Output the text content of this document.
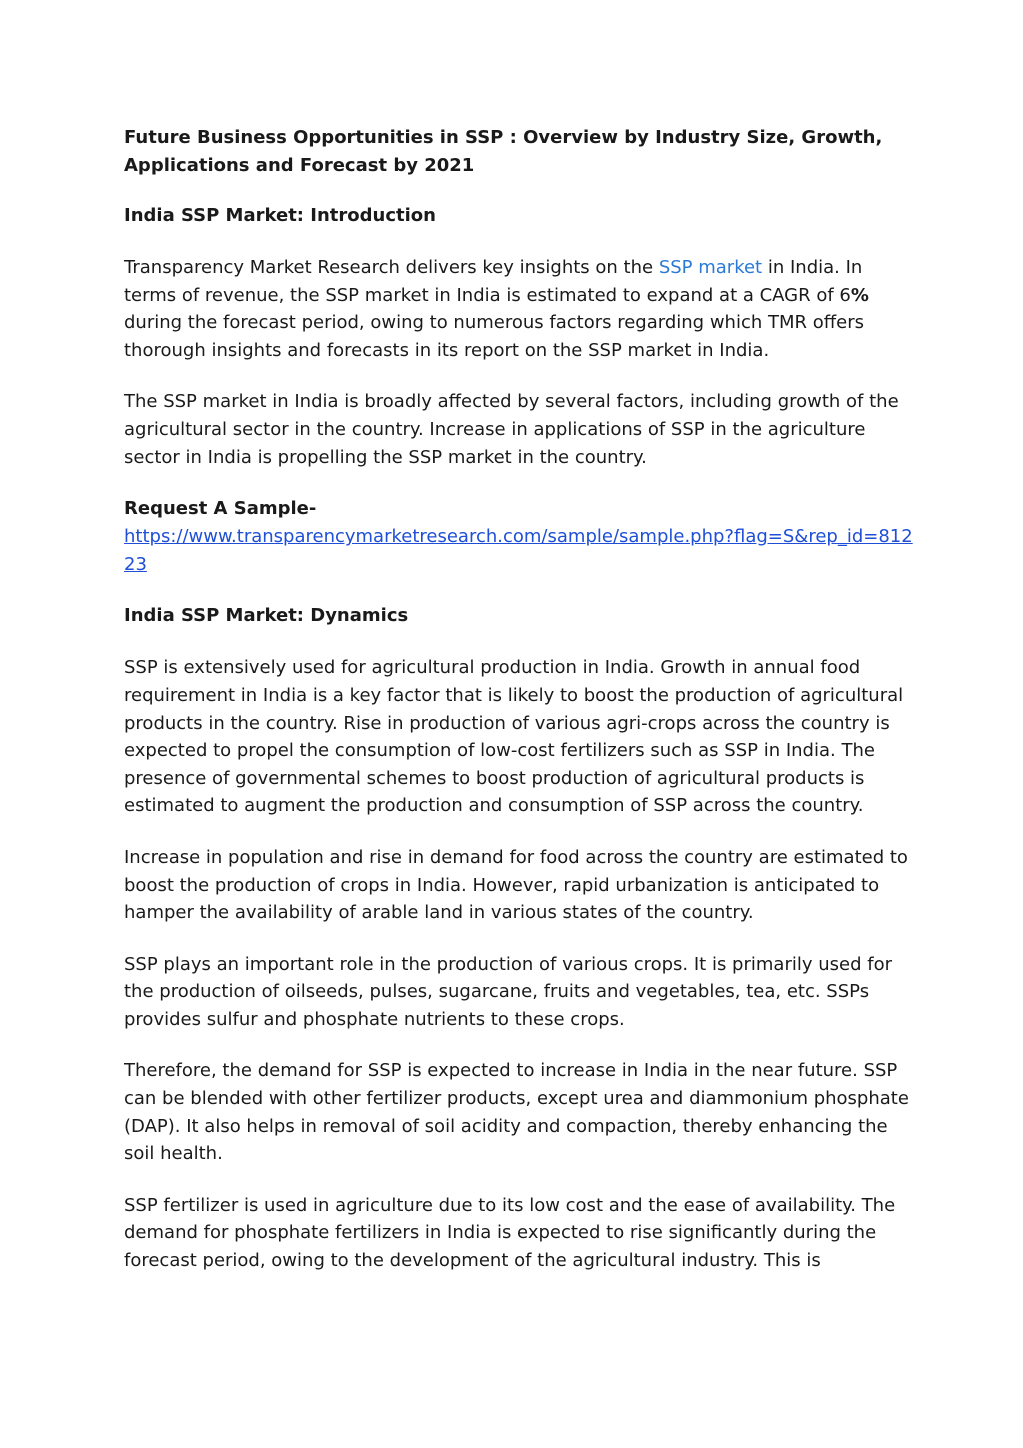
Future Business Opportunities in SSP : Overview by Industry Size, Growth, Applications and Forecast by 2021
India SSP Market: Introduction

Transparency Market Research delivers key insights on the SSP market in India. In terms of revenue, the SSP market in India is estimated to expand at a CAGR of 6% during the forecast period, owing to numerous factors regarding which TMR offers thorough insights and forecasts in its report on the SSP market in India.

The SSP market in India is broadly affected by several factors, including growth of the agricultural sector in the country. Increase in applications of SSP in the agriculture sector in India is propelling the SSP market in the country.

Request A Sample-
https://www.transparencymarketresearch.com/sample/sample.php?flag=S&rep_id=81223
India SSP Market: Dynamics

SSP is extensively used for agricultural production in India. Growth in annual food requirement in India is a key factor that is likely to boost the production of agricultural products in the country. Rise in production of various agri-crops across the country is expected to propel the consumption of low-cost fertilizers such as SSP in India. The presence of governmental schemes to boost production of agricultural products is estimated to augment the production and consumption of SSP across the country.

Increase in population and rise in demand for food across the country are estimated to boost the production of crops in India. However, rapid urbanization is anticipated to hamper the availability of arable land in various states of the country.

SSP plays an important role in the production of various crops. It is primarily used for the production of oilseeds, pulses, sugarcane, fruits and vegetables, tea, etc. SSPs provides sulfur and phosphate nutrients to these crops.

Therefore, the demand for SSP is expected to increase in India in the near future. SSP can be blended with other fertilizer products, except urea and diammonium phosphate (DAP). It also helps in removal of soil acidity and compaction, thereby enhancing the soil health.

SSP fertilizer is used in agriculture due to its low cost and the ease of availability. The demand for phosphate fertilizers in India is expected to rise significantly during the forecast period, owing to the development of the agricultural industry. This is
